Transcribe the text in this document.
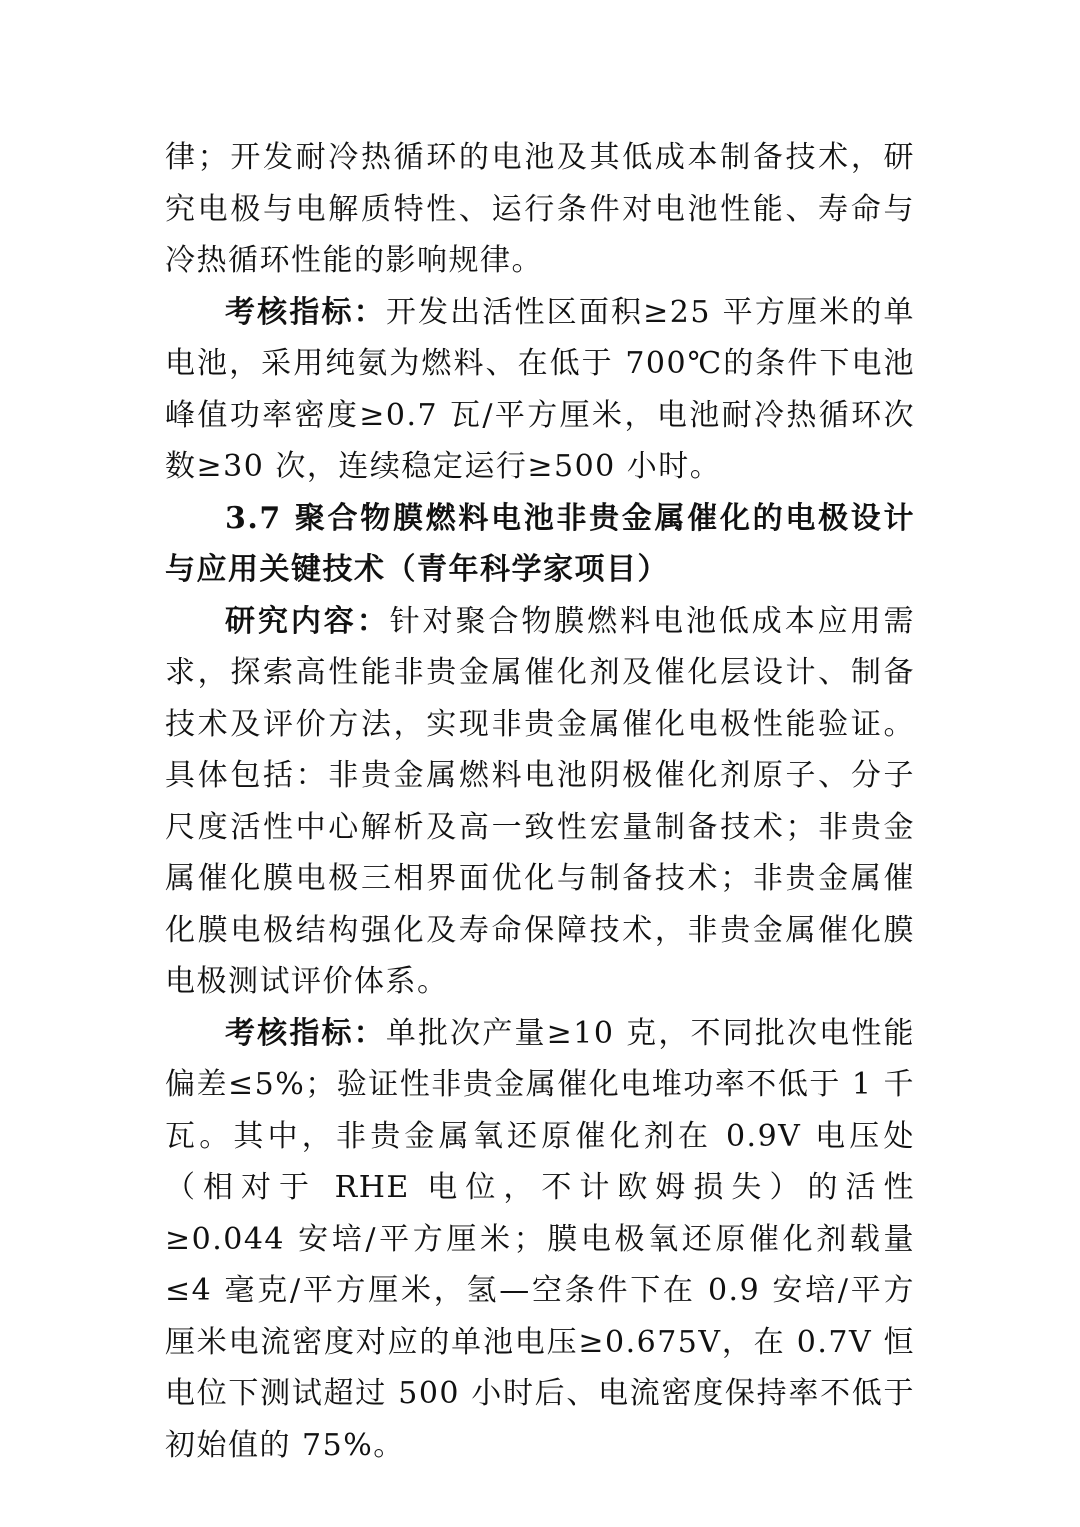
律；开发耐冷热循环的电池及其低成本制备技术，研究电极与电解质特性、运行条件对电池性能、寿命与冷热循环性能的影响规律。

考核指标：开发出活性区面积≥25 平方厘米的单电池，采用纯氨为燃料、在低于 700℃的条件下电池峰值功率密度≥0.7 瓦/平方厘米，电池耐冷热循环次数≥30 次，连续稳定运行≥500 小时。

3.7 聚合物膜燃料电池非贵金属催化的电极设计与应用关键技术（青年科学家项目）

研究内容：针对聚合物膜燃料电池低成本应用需求，探索高性能非贵金属催化剂及催化层设计、制备技术及评价方法，实现非贵金属催化电极性能验证。具体包括：非贵金属燃料电池阴极催化剂原子、分子尺度活性中心解析及高一致性宏量制备技术；非贵金属催化膜电极三相界面优化与制备技术；非贵金属催化膜电极结构强化及寿命保障技术，非贵金属催化膜电极测试评价体系。

考核指标：单批次产量≥10 克，不同批次电性能偏差≤5%；验证性非贵金属催化电堆功率不低于 1 千瓦。其中，非贵金属氧还原催化剂在 0.9V 电压处（相对于 RHE 电位，不计欧姆损失）的活性≥0.044 安培/平方厘米；膜电极氧还原催化剂载量≤4 毫克/平方厘米，氢—空条件下在 0.9 安培/平方厘米电流密度对应的单池电压≥0.675V，在 0.7V 恒电位下测试超过 500 小时后、电流密度保持率不低于初始值的 75%。
